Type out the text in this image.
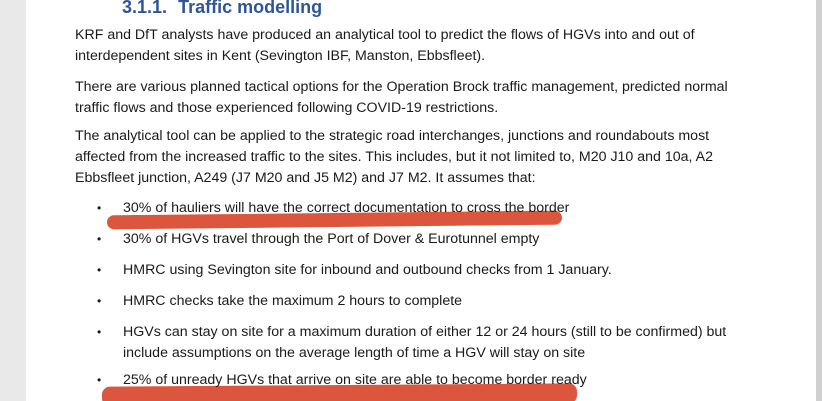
3.1.1. Traffic modelling

KRF and DfT analysts have produced an analytical tool to predict the flows of HGVs into and out of interdependent sites in Kent (Sevington IBF, Manston, Ebbsfleet).

There are various planned tactical options for the Operation Brock traffic management, predicted normal traffic flows and those experienced following COVID-19 restrictions.

The analytical tool can be applied to the strategic road interchanges, junctions and roundabouts most affected from the increased traffic to the sites. This includes, but it not limited to, M20 J10 and 10a, A2 Ebbsfleet junction, A249 (J7 M20 and J5 M2) and J7 M2. It assumes that:

• 30% of hauliers will have the correct documentation to cross the border
• 30% of HGVs travel through the Port of Dover & Eurotunnel empty
• HMRC using Sevington site for inbound and outbound checks from 1 January.
• HMRC checks take the maximum 2 hours to complete
• HGVs can stay on site for a maximum duration of either 12 or 24 hours (still to be confirmed) but include assumptions on the average length of time a HGV will stay on site
• 25% of unready HGVs that arrive on site are able to become border ready
